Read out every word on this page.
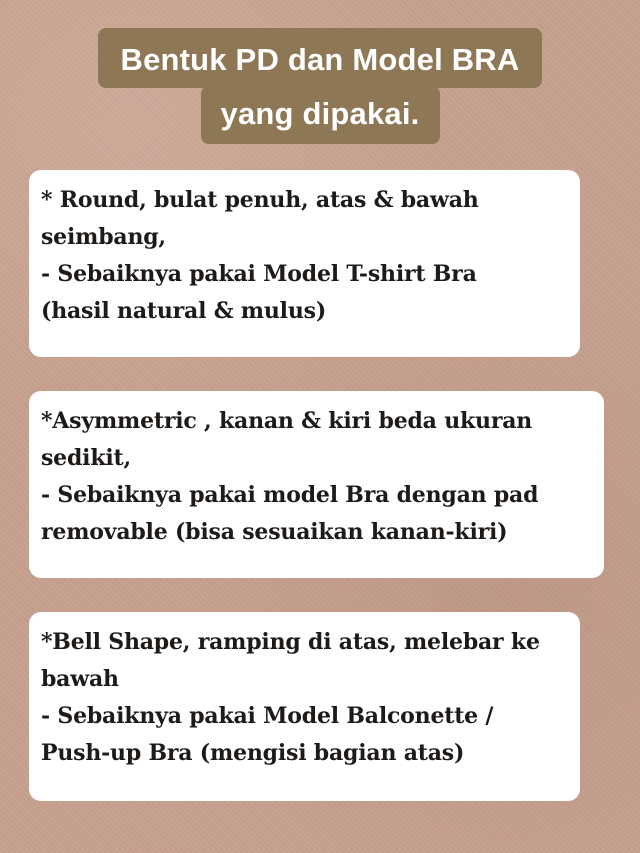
Bentuk PD dan Model BRA
yang dipakai.
* Round, bulat penuh, atas & bawah
seimbang,
- Sebaiknya pakai Model T-shirt Bra
(hasil natural & mulus)
*Asymmetric , kanan & kiri beda ukuran
sedikit,
- Sebaiknya pakai model Bra dengan pad
removable (bisa sesuaikan kanan-kiri)
*Bell Shape, ramping di atas, melebar ke
bawah
- Sebaiknya pakai Model Balconette /
Push-up Bra (mengisi bagian atas)
